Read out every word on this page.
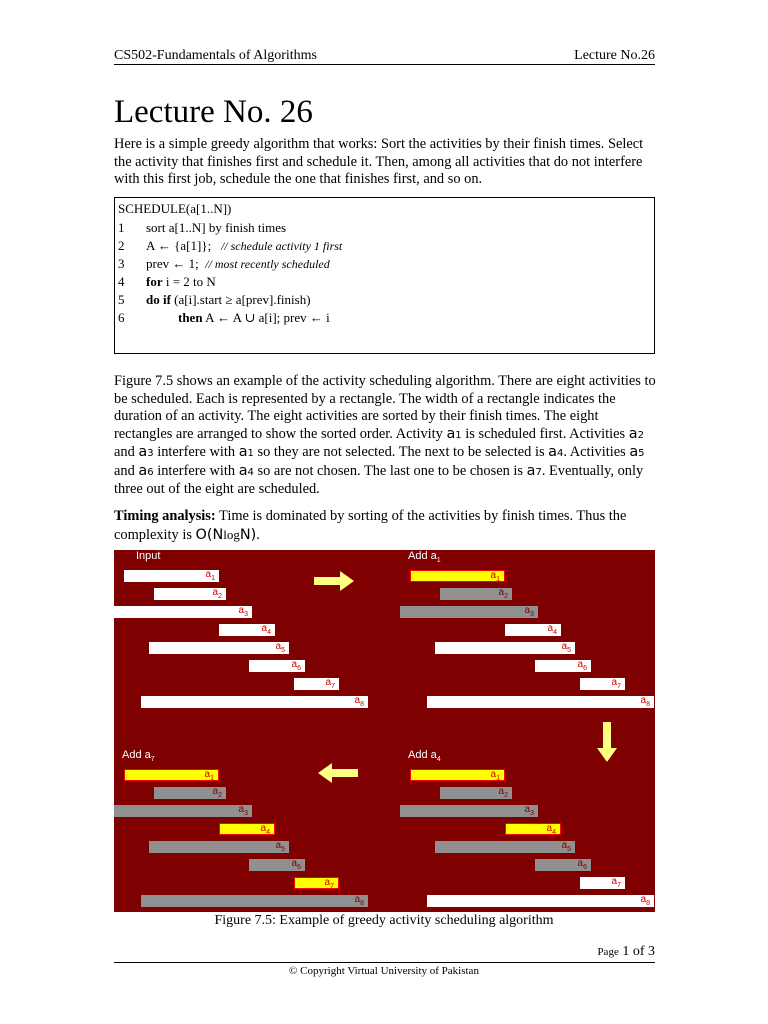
CS502-Fundamentals of Algorithms	Lecture No.26
Lecture No. 26
Here is a simple greedy algorithm that works: Sort the activities by their finish times. Select the activity that finishes first and schedule it. Then, among all activities that do not interfere with this first job, schedule the one that finishes first, and so on.
SCHEDULE(a[1..N])
1 sort a[1..N] by finish times
2 A ← {a[1]}; // schedule activity 1 first
3 prev ← 1; // most recently scheduled
4 for i = 2 to N
5 do if (a[i].start ≥ a[prev].finish)
6	then A ← A ∪ a[i]; prev ← i
Figure 7.5 shows an example of the activity scheduling algorithm. There are eight activities to be scheduled. Each is represented by a rectangle. The width of a rectangle indicates the duration of an activity. The eight activities are sorted by their finish times. The eight rectangles are arranged to show the sorted order. Activity a1 is scheduled first. Activities a2 and a3 interfere with a1 so they are not selected. The next to be selected is a4. Activities a5 and a6 interfere with a4 so are not chosen. The last one to be chosen is a7. Eventually, only three out of the eight are scheduled.
Timing analysis: Time is dominated by sorting of the activities by finish times. Thus the complexity is O(NlogN).
Input	Add $a_1$
Add $a_7$	Add $a_4$
$a_1$
$a_2$
$a_3$
$a_4$
$a_5$
$a_6$
$a_7$
$a_8$
$a_1$
$a_2$
$a_3$
$a_4$
$a_5$
$a_6$
$a_7$
$a_8$
$a_1$
$a_2$
$a_3$
$a_4$
$a_5$
$a_6$
$a_7$
$a_8$
$a_1$
$a_2$
$a_3$
$a_4$
$a_5$
$a_6$
$a_7$
$a_8$
Figure 7.5: Example of greedy activity scheduling algorithm
Page 1 of 3
© Copyright Virtual University of Pakistan
